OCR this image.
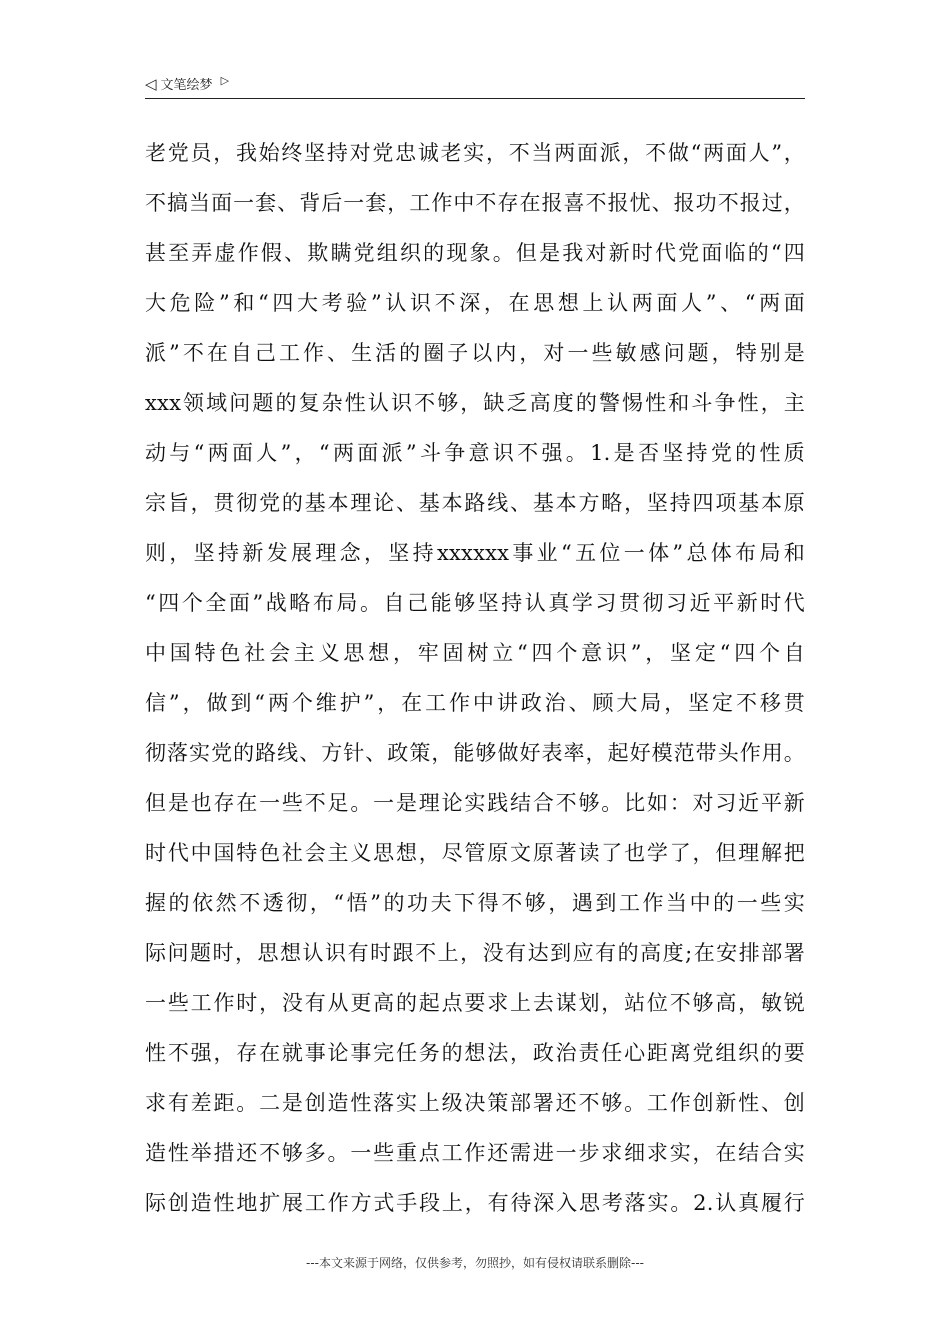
◁ 文笔绘梦 ▷
老党员，我始终坚持对党忠诚老实，不当两面派，不做“两面人”，
不搞当面一套、背后一套，工作中不存在报喜不报忧、报功不报过，
甚至弄虚作假、欺瞒党组织的现象。但是我对新时代党面临的“四
大危险”和“四大考验”认识不深，在思想上认两面人”、“两面
派”不在自己工作、生活的圈子以内，对一些敏感问题，特别是
xxx领域问题的复杂性认识不够，缺乏高度的警惕性和斗争性，主
动与“两面人”，“两面派”斗争意识不强。1.是否坚持党的性质
宗旨，贯彻党的基本理论、基本路线、基本方略，坚持四项基本原
则，坚持新发展理念，坚持xxxxxx事业“五位一体”总体布局和
“四个全面”战略布局。自己能够坚持认真学习贯彻习近平新时代
中国特色社会主义思想，牢固树立“四个意识”，坚定“四个自
信”，做到“两个维护”，在工作中讲政治、顾大局，坚定不移贯
彻落实党的路线、方针、政策，能够做好表率，起好模范带头作用。
但是也存在一些不足。一是理论实践结合不够。比如：对习近平新
时代中国特色社会主义思想，尽管原文原著读了也学了，但理解把
握的依然不透彻，“悟”的功夫下得不够，遇到工作当中的一些实
际问题时，思想认识有时跟不上，没有达到应有的高度;在安排部署
一些工作时，没有从更高的起点要求上去谋划，站位不够高，敏锐
性不强，存在就事论事完任务的想法，政治责任心距离党组织的要
求有差距。二是创造性落实上级决策部署还不够。工作创新性、创
造性举措还不够多。一些重点工作还需进一步求细求实，在结合实
际创造性地扩展工作方式手段上，有待深入思考落实。2.认真履行
---本文来源于网络，仅供参考，勿照抄，如有侵权请联系删除---
